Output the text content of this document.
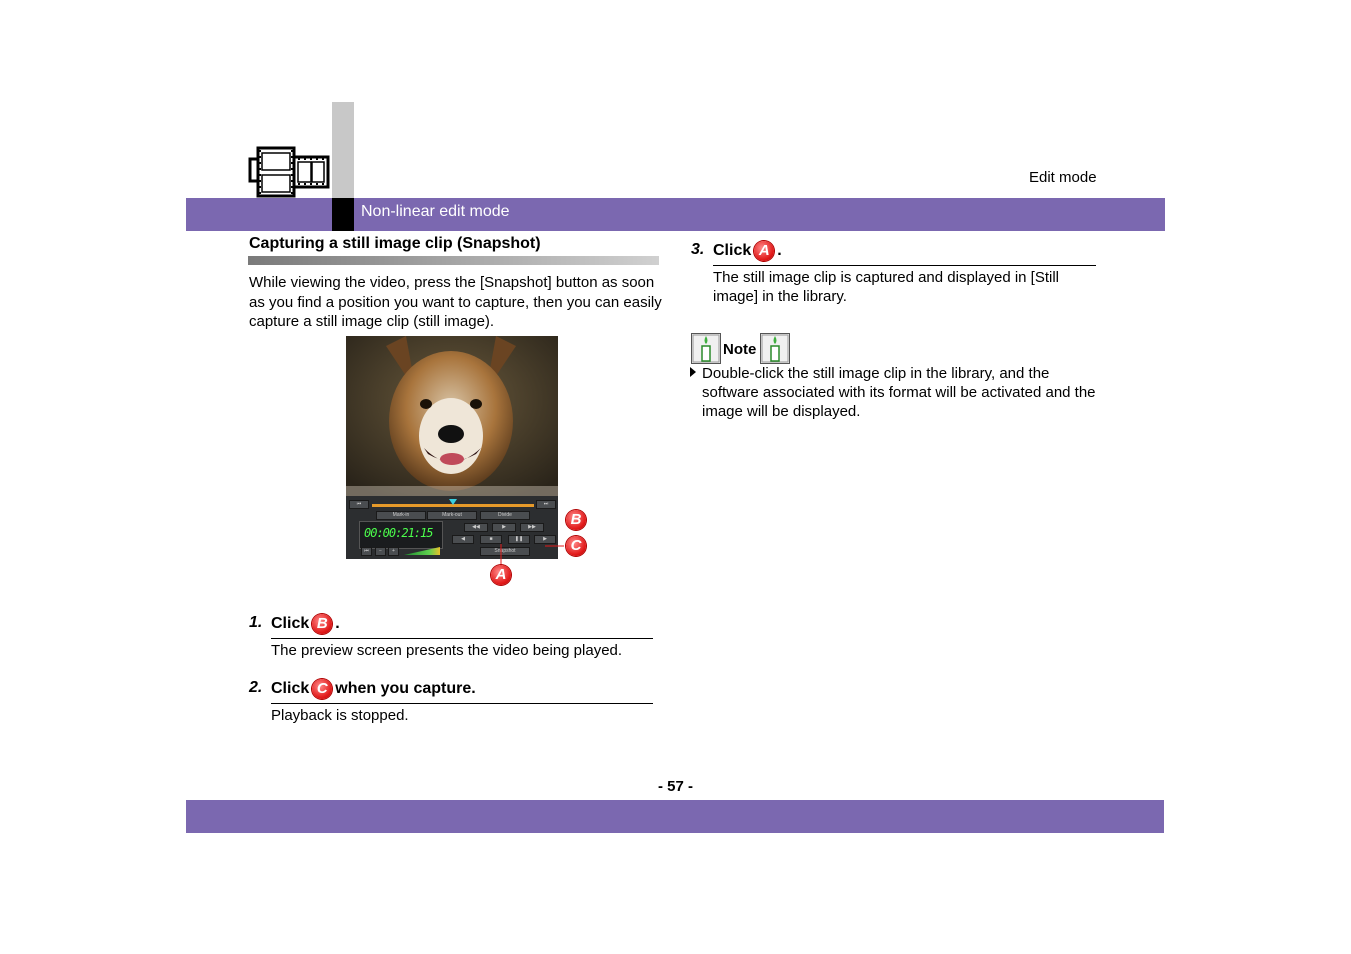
Non-linear edit mode
Edit mode
Capturing a still image clip (Snapshot)
While viewing the video, press the [Snapshot] button as soon as you find a position you want to capture, then you can easily capture a still image clip (still image).
⏮	⏭
Mark-in	Mark-out	Divide
00:00:21:15	◀◀	▶	▶▶
◀	■	❚❚	▶
⏮	−	+	Snapshot
B
C
A
1. Click B .
The preview screen presents the video being played.
2. Click C when you capture.
Playback is stopped.
3. Click A .
The still image clip is captured and displayed in [Still image] in the library.
Note
Double-click the still image clip in the library, and the software associated with its format will be activated and the image will be displayed.
- 57 -
